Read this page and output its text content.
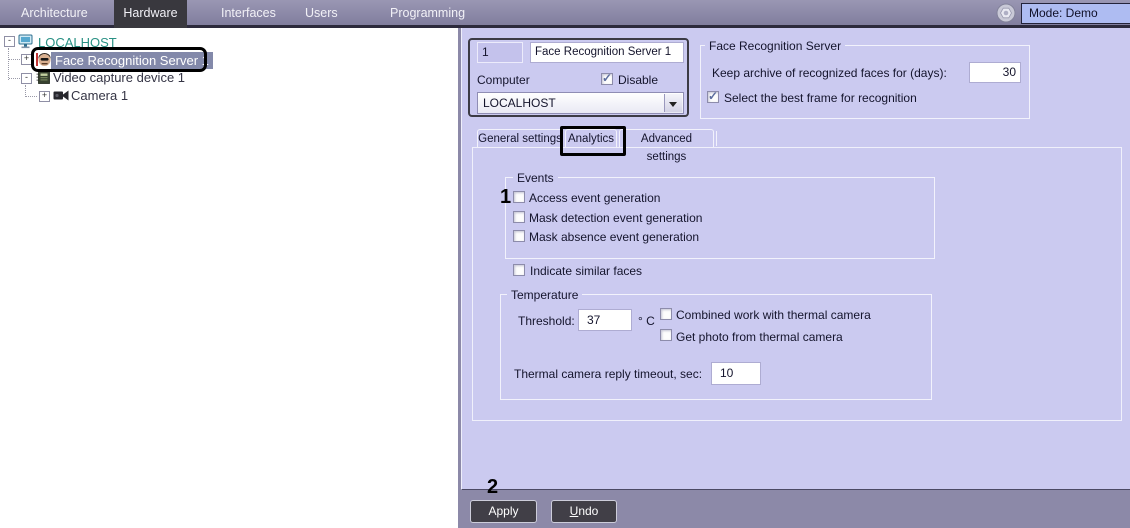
Architecture	Hardware	Interfaces Users	Programming	Mode: Demo
-	LOCALHOST
+	Face Recognition Server 1
-	Video capture device 1
+ Camera 1
1	Face Recognition Server 1
Computer ✓	Disable
LOCALHOST
Face Recognition Server
Keep archive of recognized faces for (days):	30
✓
Select the best frame for recognition
General settings Analytics	Advanced settings
Events
1 Access event generation
Mask detection event generation
Mask absence event generation
Indicate similar faces
Temperature
Threshold:	37	° C Combined work with thermal camera
Get photo from thermal camera
Thermal camera reply timeout, sec:	10
2
Apply	Undo
